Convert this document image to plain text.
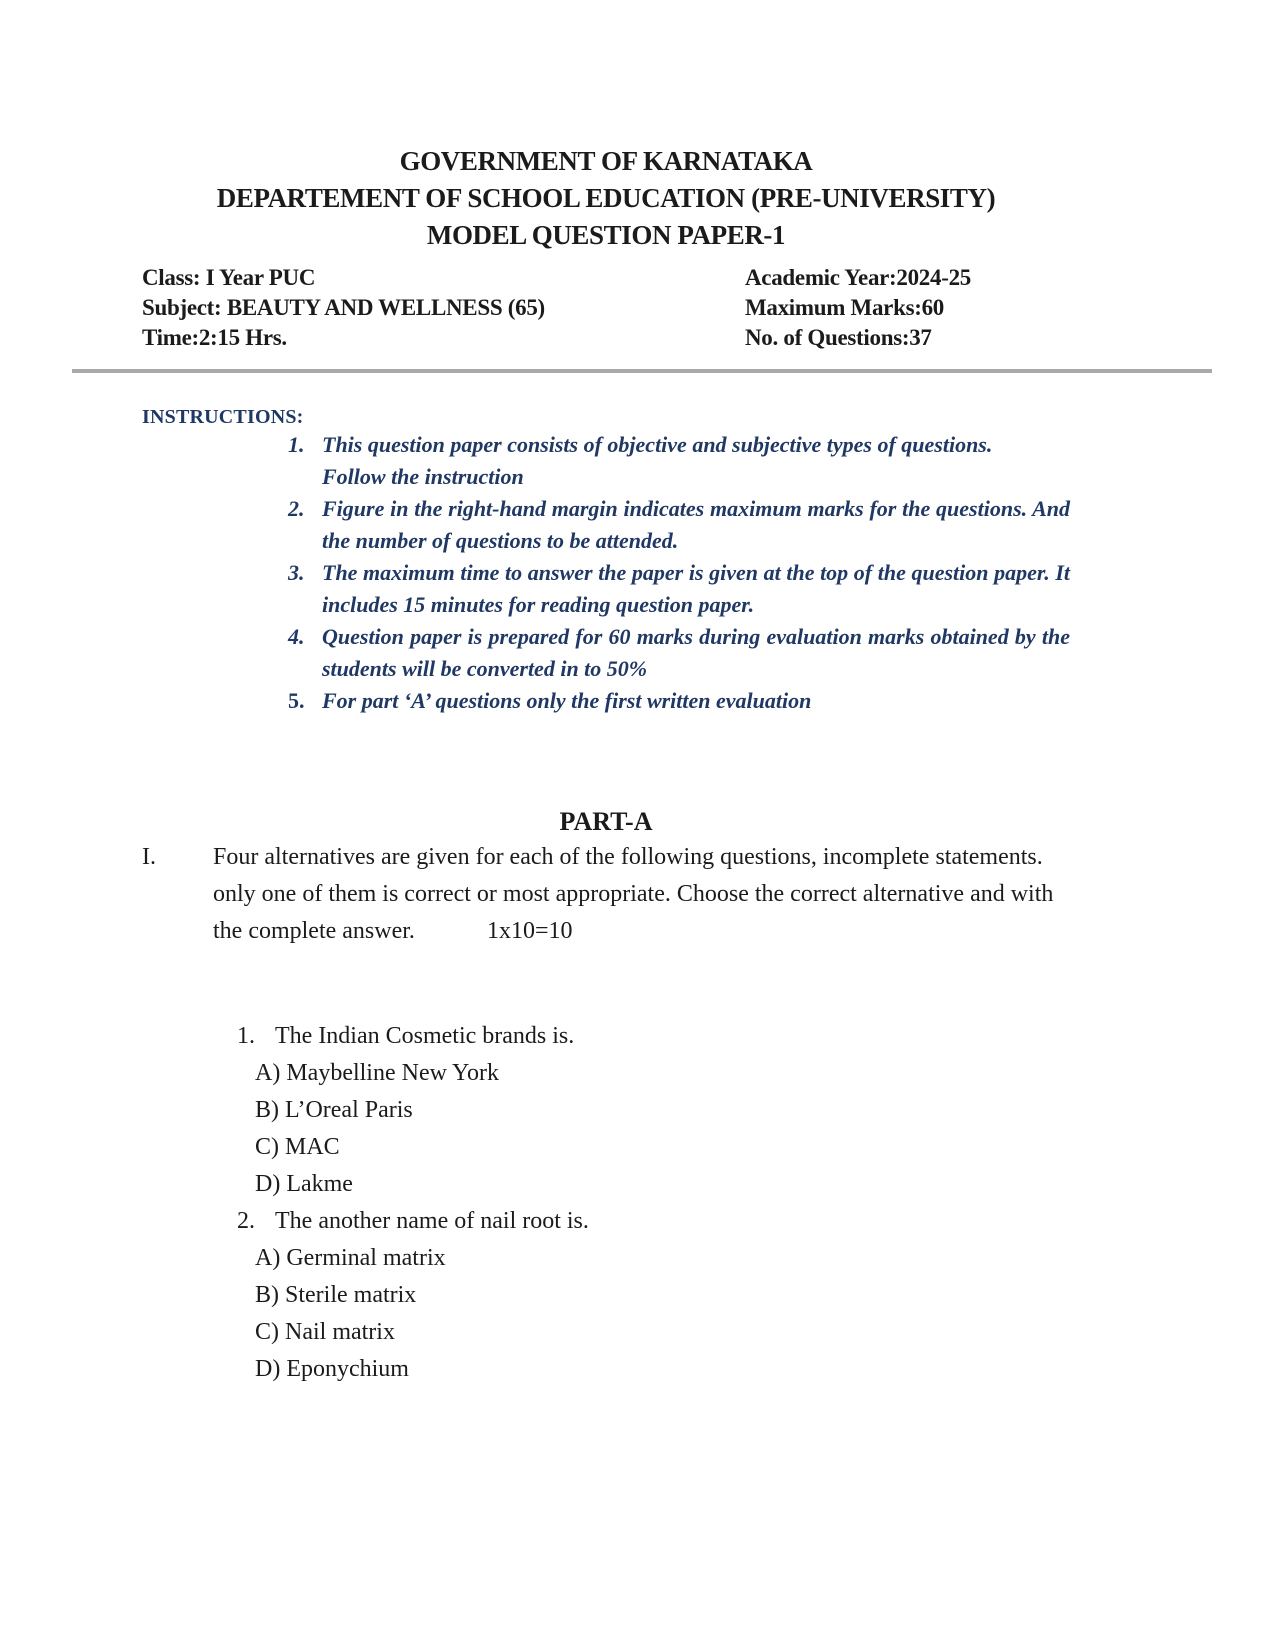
GOVERNMENT OF KARNATAKA
DEPARTEMENT OF SCHOOL EDUCATION (PRE-UNIVERSITY)
MODEL QUESTION PAPER-1
Class: I Year PUC	Academic Year:2024-25
Subject: BEAUTY AND WELLNESS (65)	Maximum Marks:60
Time:2:15 Hrs.	No. of Questions:37
INSTRUCTIONS:
1. This question paper consists of objective and subjective types of questions.
Follow the instruction
2. Figure in the right-hand margin indicates maximum marks for the questions. And the number of questions to be attended.
3. The maximum time to answer the paper is given at the top of the question paper. It includes 15 minutes for reading question paper.
4. Question paper is prepared for 60 marks during evaluation marks obtained by the students will be converted in to 50%
5. For part ‘A’ questions only the first written evaluation
PART-A
I.	Four alternatives are given for each of the following questions, incomplete statements. only one of them is correct or most appropriate. Choose the correct alternative and with the complete answer.	1x10=10
1. The Indian Cosmetic brands is.
A) Maybelline New York
B) L’Oreal Paris
C) MAC
D) Lakme
2. The another name of nail root is.
A) Germinal matrix
B) Sterile matrix
C) Nail matrix
D) Eponychium
